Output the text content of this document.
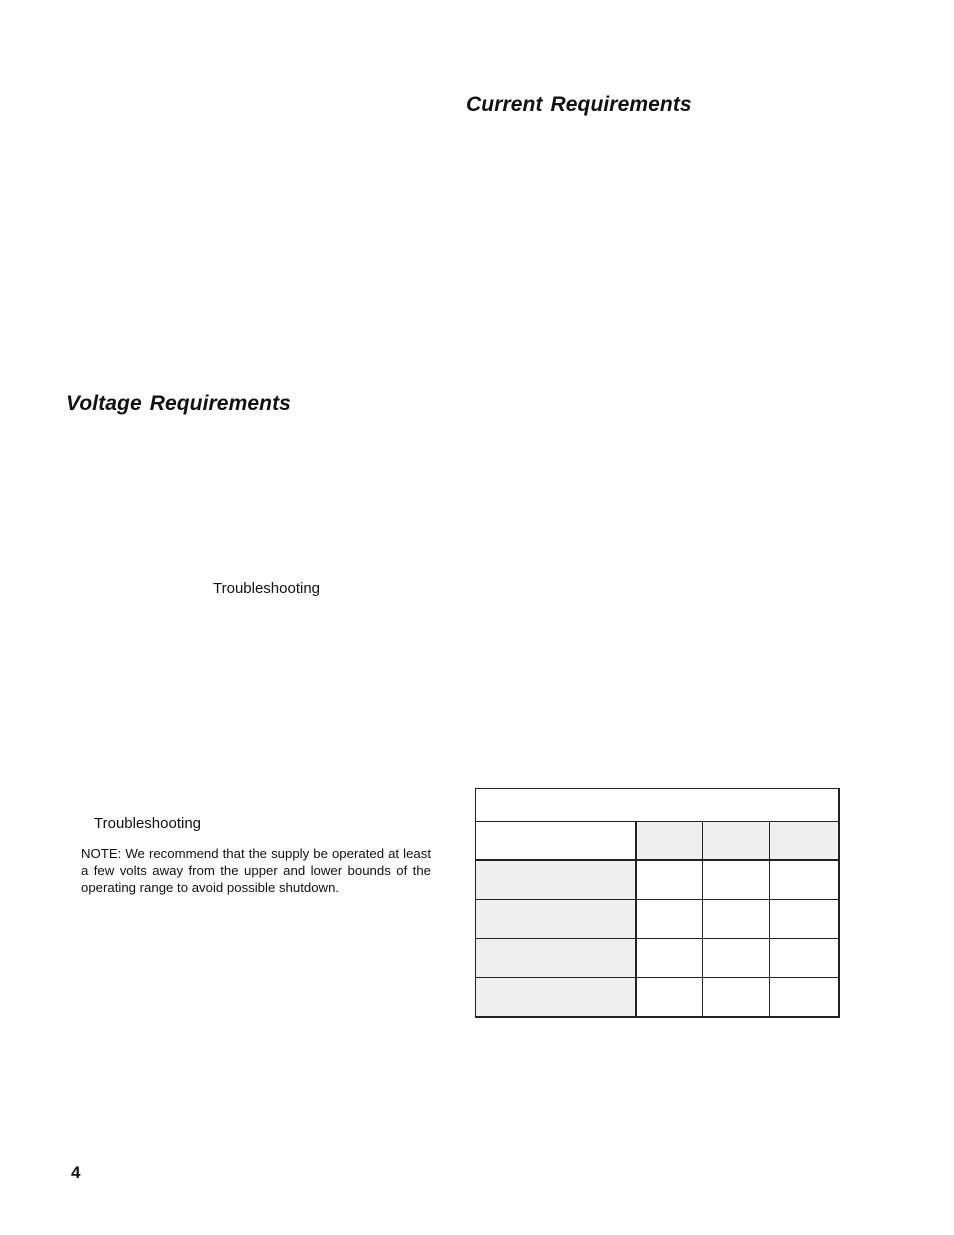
Current Requirements
Voltage Requirements
Troubleshooting
Troubleshooting

NOTE: We recommend that the supply be operated at least a few volts away from the upper and lower bounds of the operating range to avoid possible shutdown.

4
